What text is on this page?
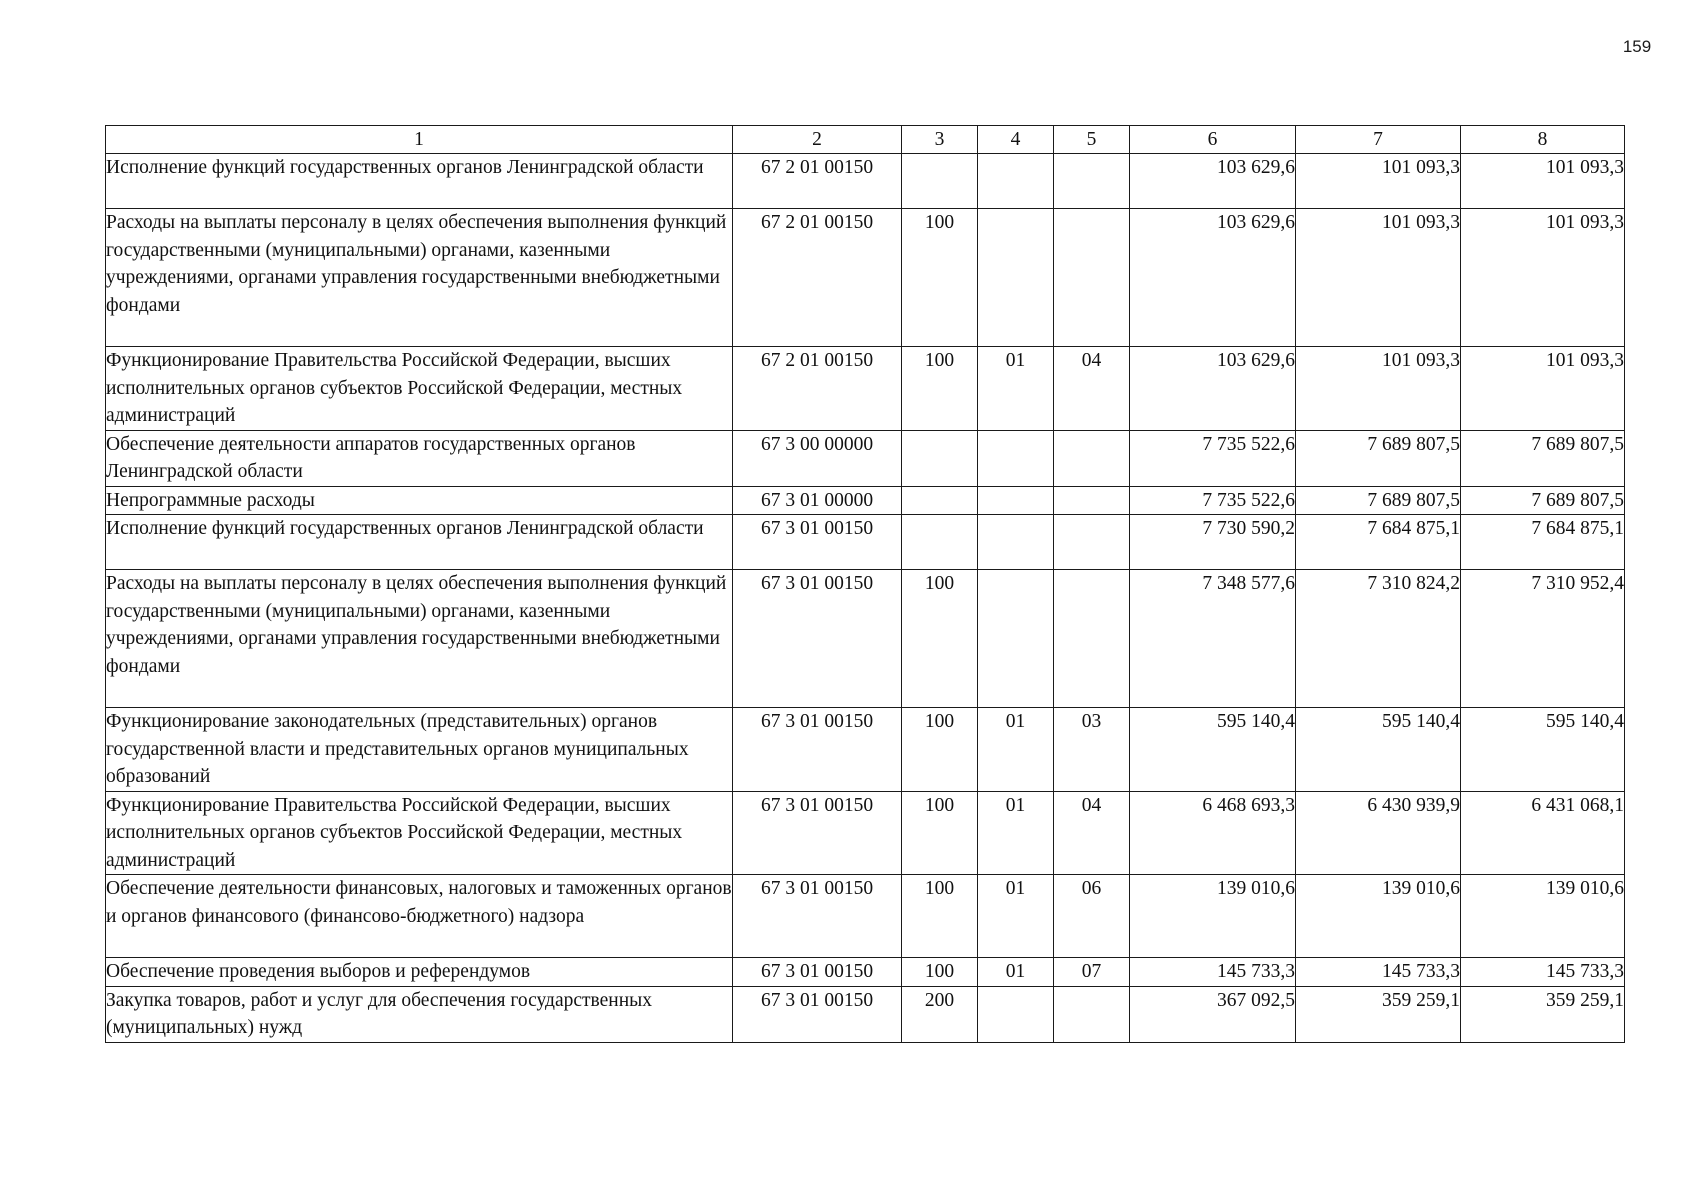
159
1	2	3	4	5	6	7	8
Исполнение функций государственных органов Ленинградской области	67 2 01 00150				103 629,6	101 093,3	101 093,3
Расходы на выплаты персоналу в целях обеспечения выполнения функций государственными (муниципальными) органами, казенными учреждениями, органами управления государственными внебюджетными фондами	67 2 01 00150	100			103 629,6	101 093,3	101 093,3
Функционирование Правительства Российской Федерации, высших исполнительных органов субъектов Российской Федерации, местных администраций	67 2 01 00150	100	01	04	103 629,6	101 093,3	101 093,3
Обеспечение деятельности аппаратов государственных органов Ленинградской области	67 3 00 00000				7 735 522,6	7 689 807,5	7 689 807,5
Непрограммные расходы	67 3 01 00000				7 735 522,6	7 689 807,5	7 689 807,5
Исполнение функций государственных органов Ленинградской области	67 3 01 00150				7 730 590,2	7 684 875,1	7 684 875,1
Расходы на выплаты персоналу в целях обеспечения выполнения функций государственными (муниципальными) органами, казенными учреждениями, органами управления государственными внебюджетными фондами	67 3 01 00150	100			7 348 577,6	7 310 824,2	7 310 952,4
Функционирование законодательных (представительных) органов государственной власти и представительных органов муниципальных образований	67 3 01 00150	100	01	03	595 140,4	595 140,4	595 140,4
Функционирование Правительства Российской Федерации, высших исполнительных органов субъектов Российской Федерации, местных администраций	67 3 01 00150	100	01	04	6 468 693,3	6 430 939,9	6 431 068,1
Обеспечение деятельности финансовых, налоговых и таможенных органов и органов финансового (финансово-бюджетного) надзора	67 3 01 00150	100	01	06	139 010,6	139 010,6	139 010,6
Обеспечение проведения выборов и референдумов	67 3 01 00150	100	01	07	145 733,3	145 733,3	145 733,3
Закупка товаров, работ и услуг для обеспечения государственных (муниципальных) нужд	67 3 01 00150	200			367 092,5	359 259,1	359 259,1
